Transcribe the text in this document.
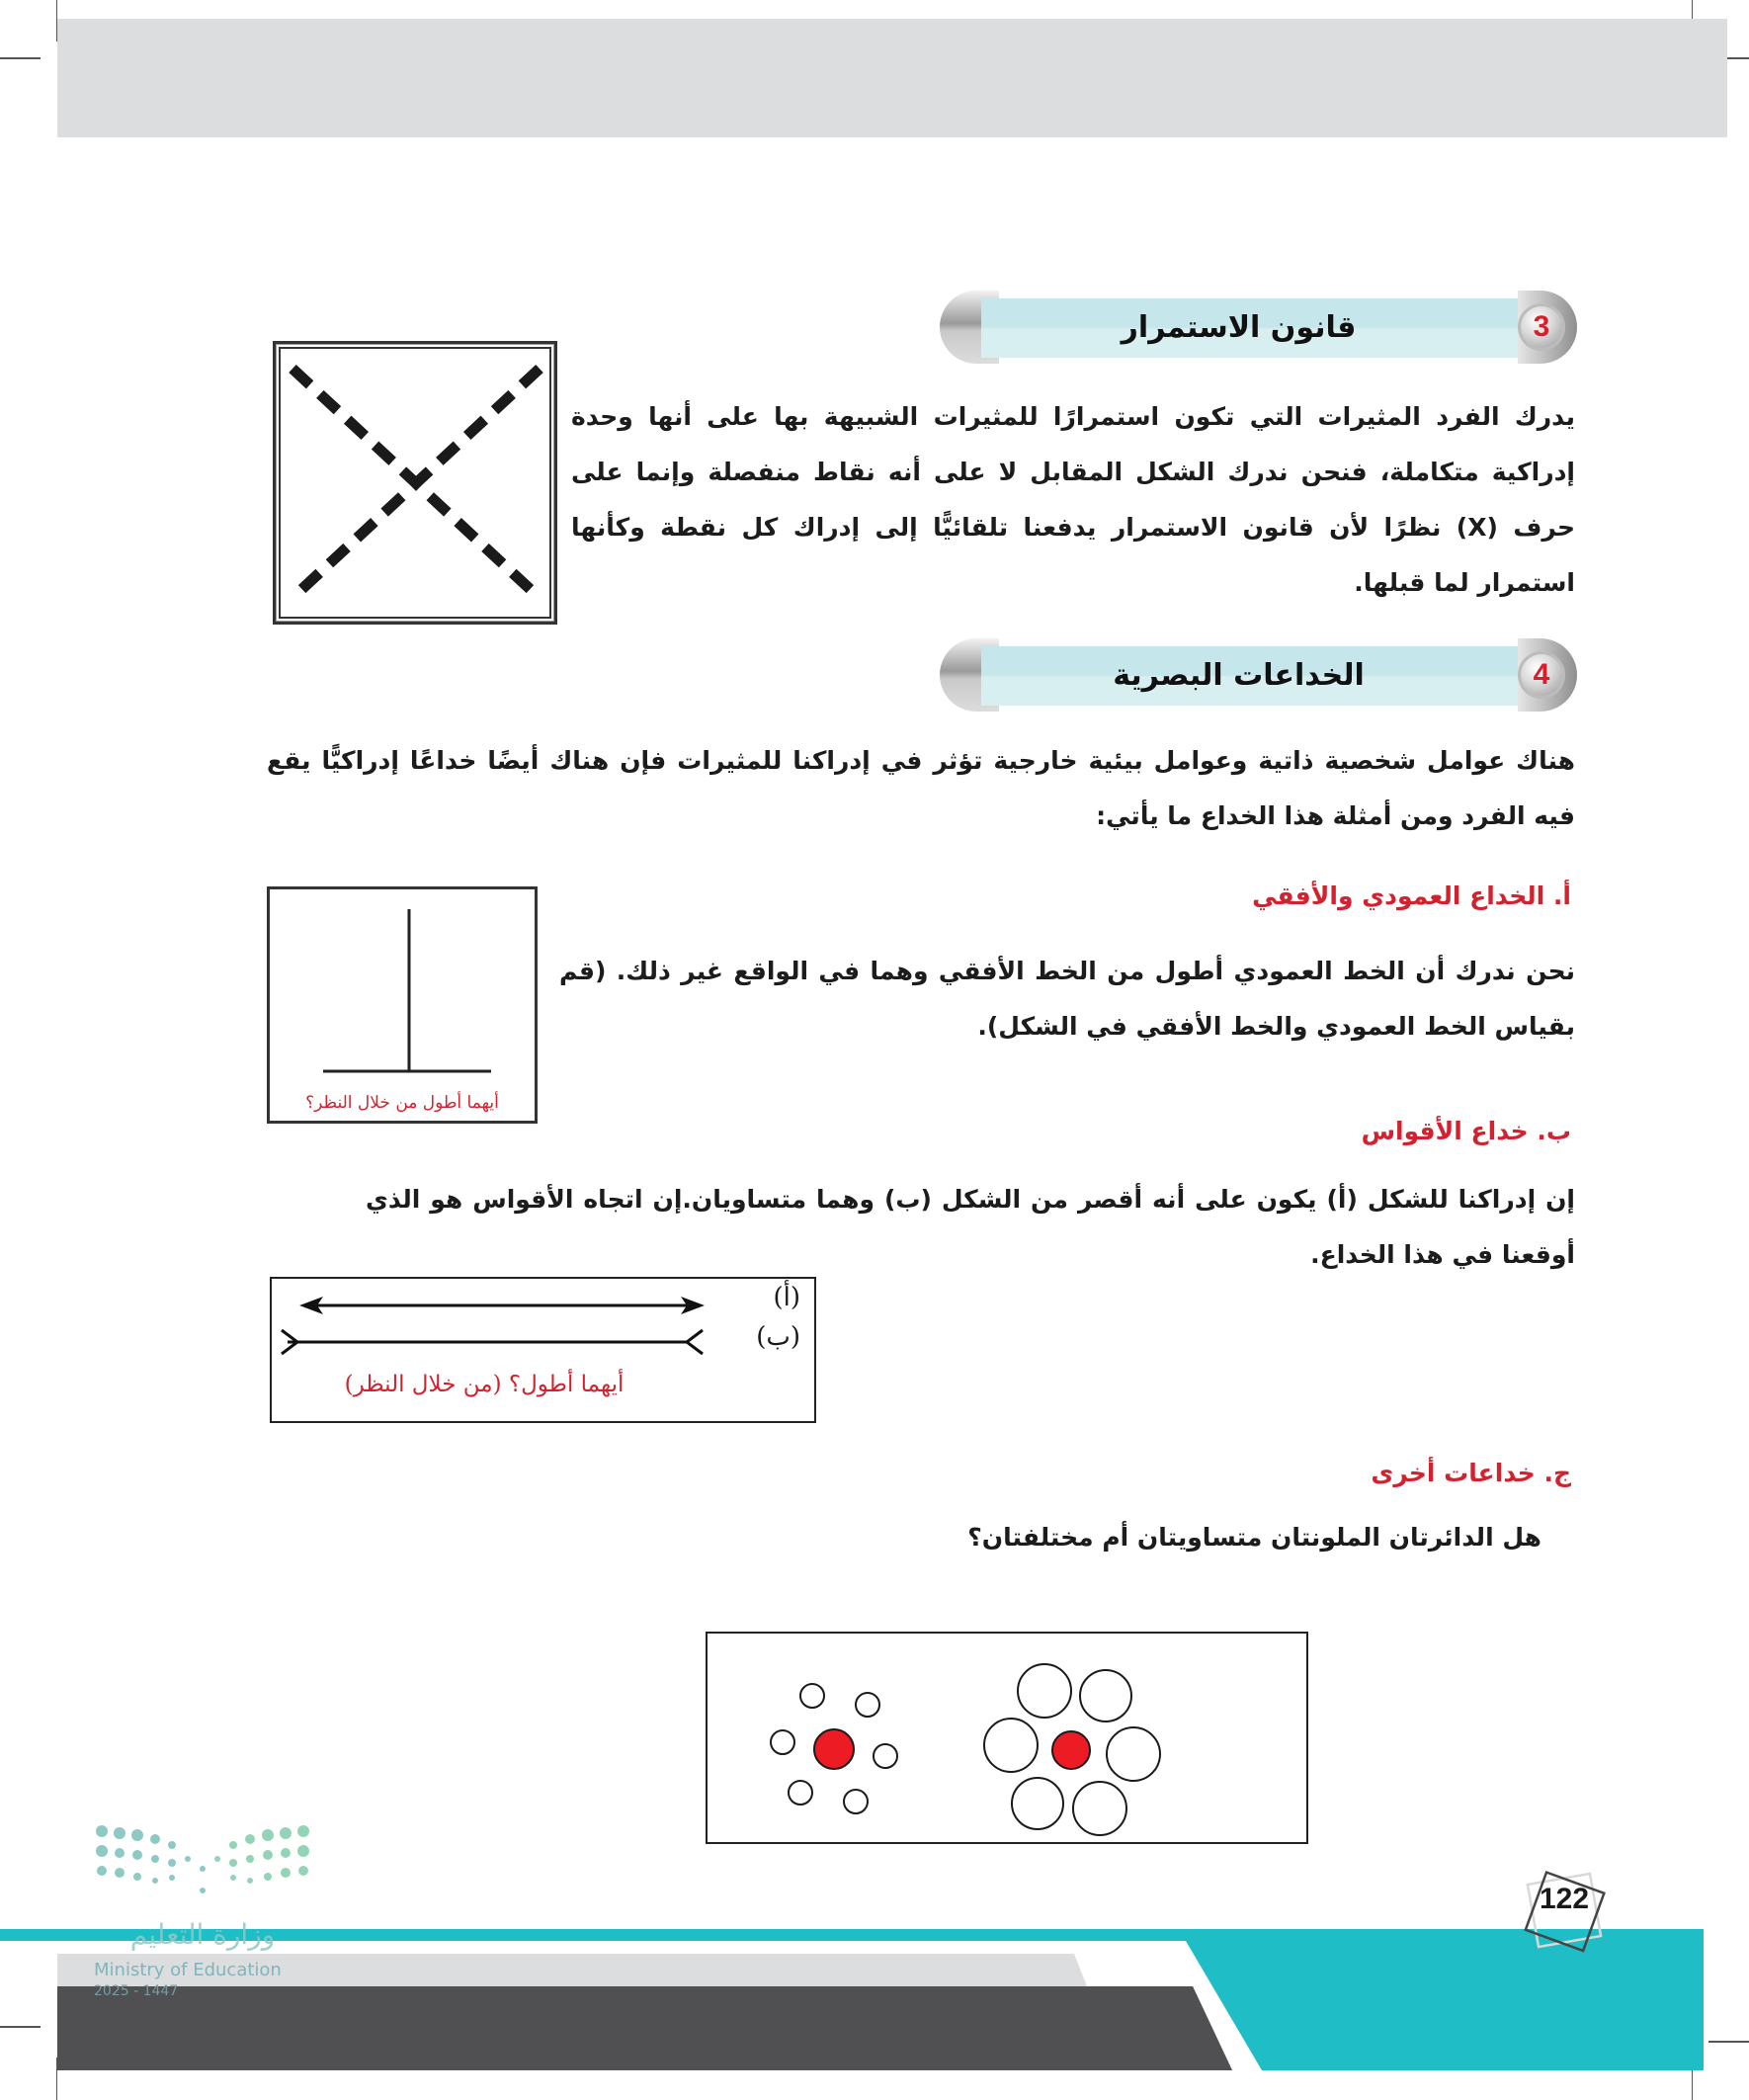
3
قانون الاستمرار
يدرك الفرد المثيرات التي تكون استمرارًا للمثيرات الشبيهة بها على أنها وحدة إدراكية متكاملة، فنحن ندرك الشكل المقابل لا على أنه نقاط منفصلة وإنما على حرف (X) نظرًا لأن قانون الاستمرار يدفعنا تلقائيًّا إلى إدراك كل نقطة وكأنها استمرار لما قبلها.
4
الخداعات البصرية
هناك عوامل شخصية ذاتية وعوامل بيئية خارجية تؤثر في إدراكنا للمثيرات فإن هناك أيضًا خداعًا إدراكيًّا يقع فيه الفرد ومن أمثلة هذا الخداع ما يأتي:
أ. الخداع العمودي والأفقي
نحن ندرك أن الخط العمودي أطول من الخط الأفقي وهما في الواقع غير ذلك. (قم بقياس الخط العمودي والخط الأفقي في الشكل).
أيهما أطول من خلال النظر؟
ب. خداع الأقواس
إن إدراكنا للشكل (أ) يكون على أنه أقصر من الشكل (ب) وهما متساويان.إن اتجاه الأقواس هو الذي أوقعنا في هذا الخداع.
(أ)
(ب)
أيهما أطول؟ (من خلال النظر)
ج. خداعات أخرى
هل الدائرتان الملونتان متساويتان أم مختلفتان؟
وزارة التعليم
Ministry of Education
2025 - 1447
122
